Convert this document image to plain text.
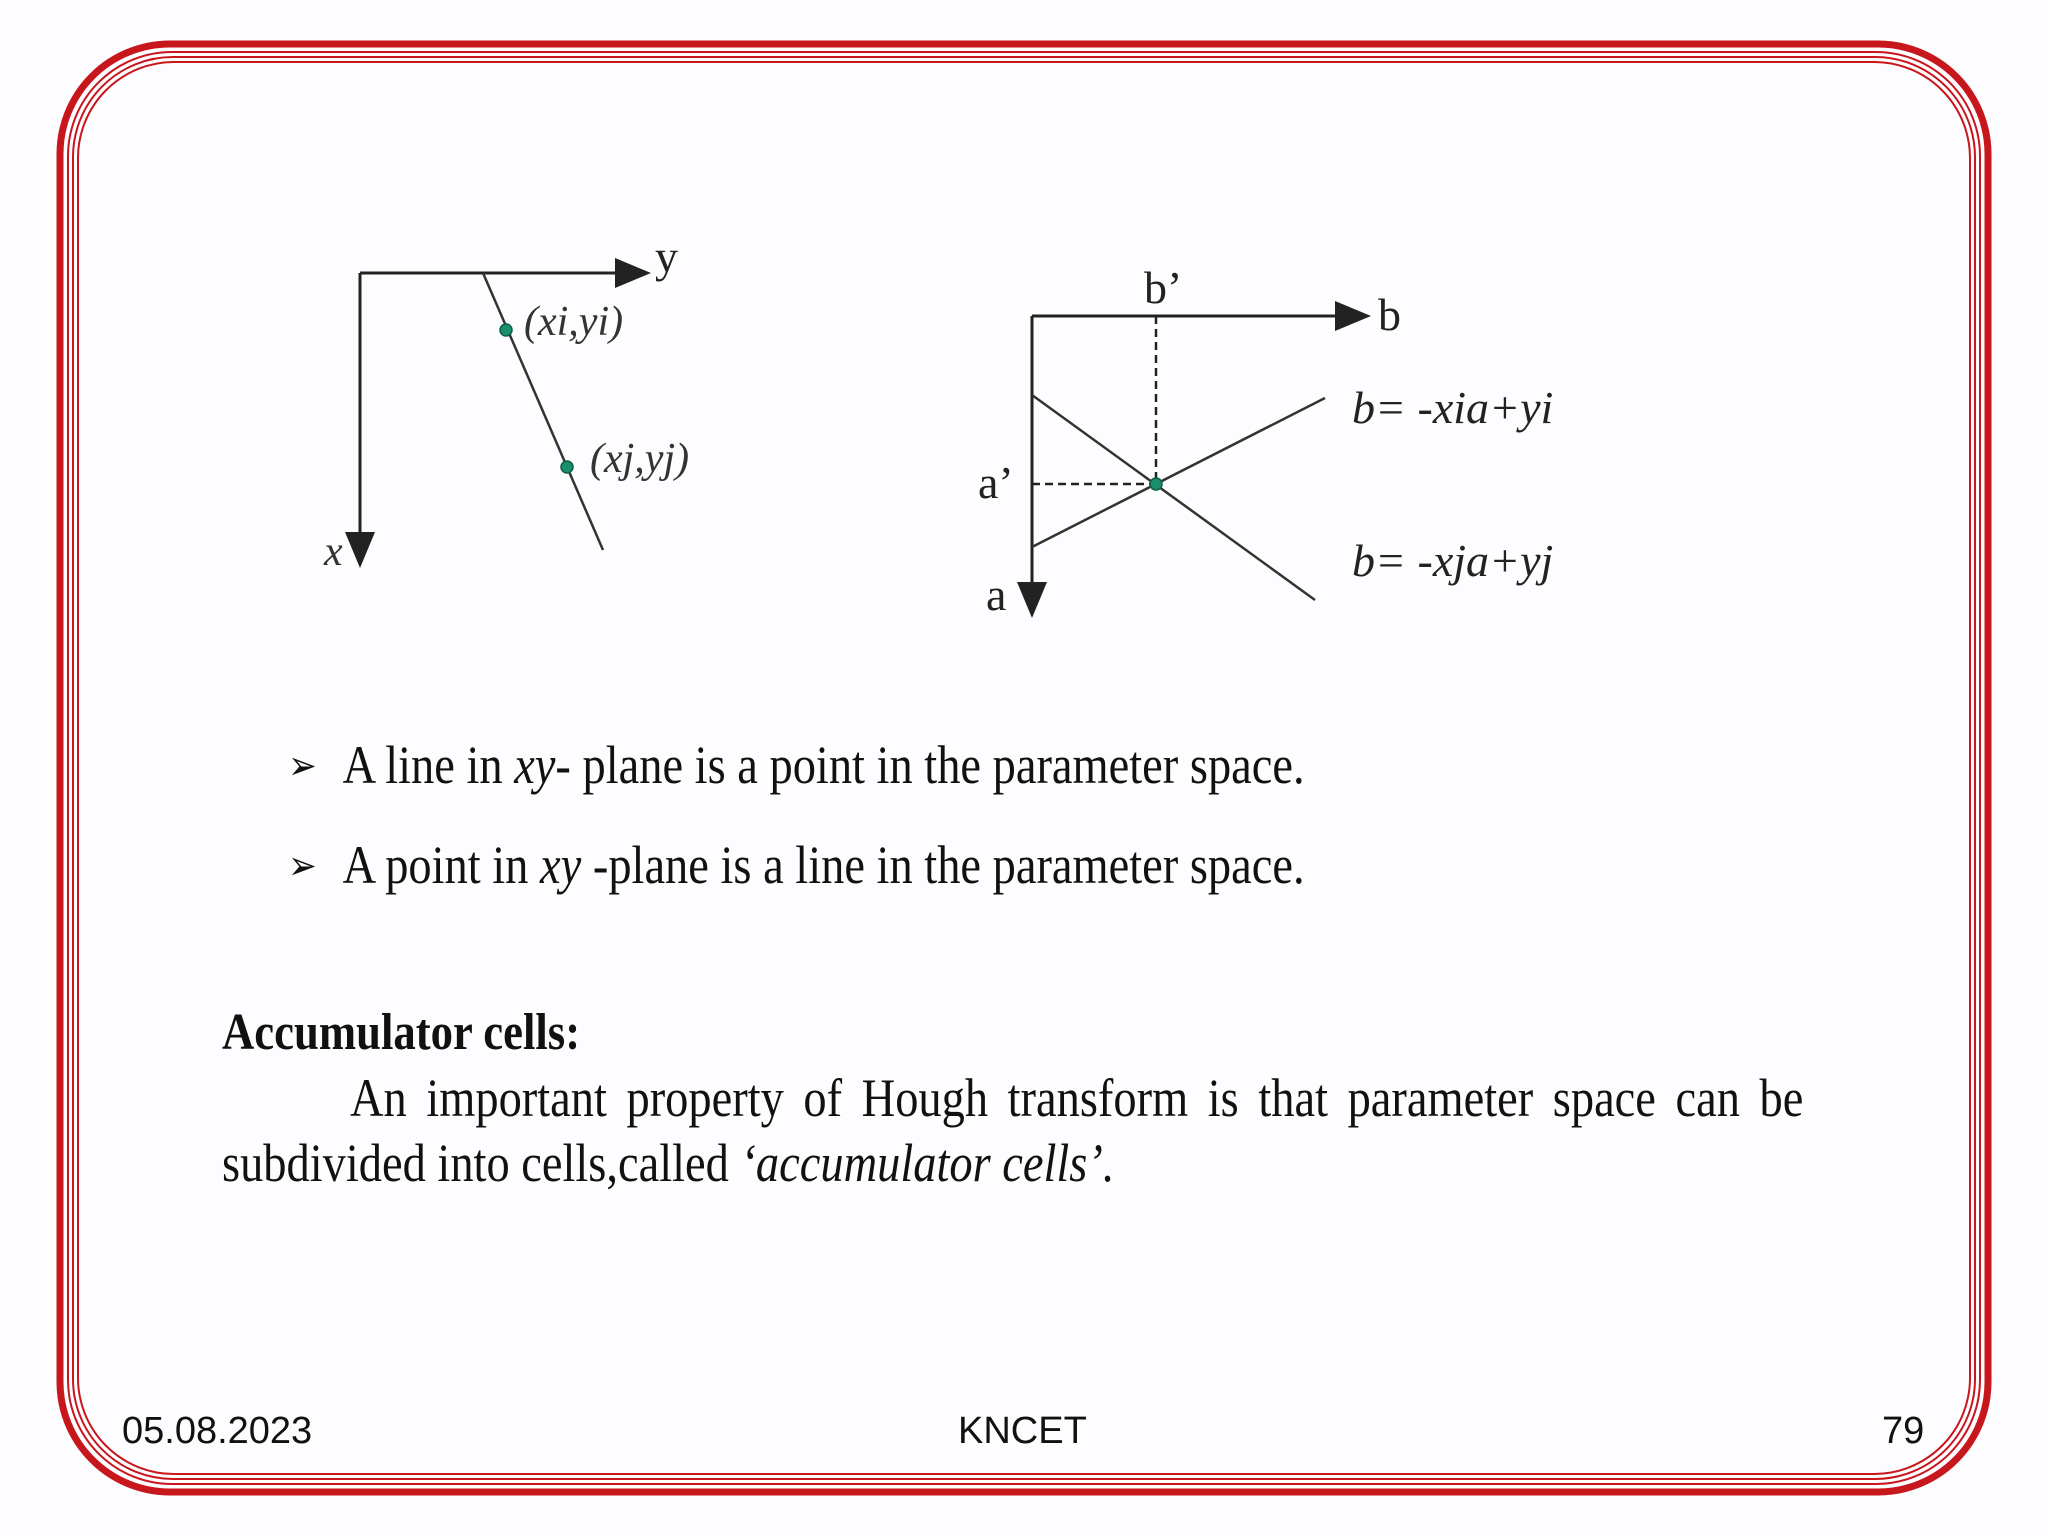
y
x
(xi,yi)
(xj,yj)
b
a
b’
a’
b= -xia+yi
b= -xja+yj
➢ A line in xy- plane is a point in the parameter space.
➢ A point in xy -plane is a line in the parameter space.
Accumulator cells:
An important property of Hough transform is that parameter space can be
subdivided into cells,called ‘accumulator cells’.
05.08.2023	KNCET	79
